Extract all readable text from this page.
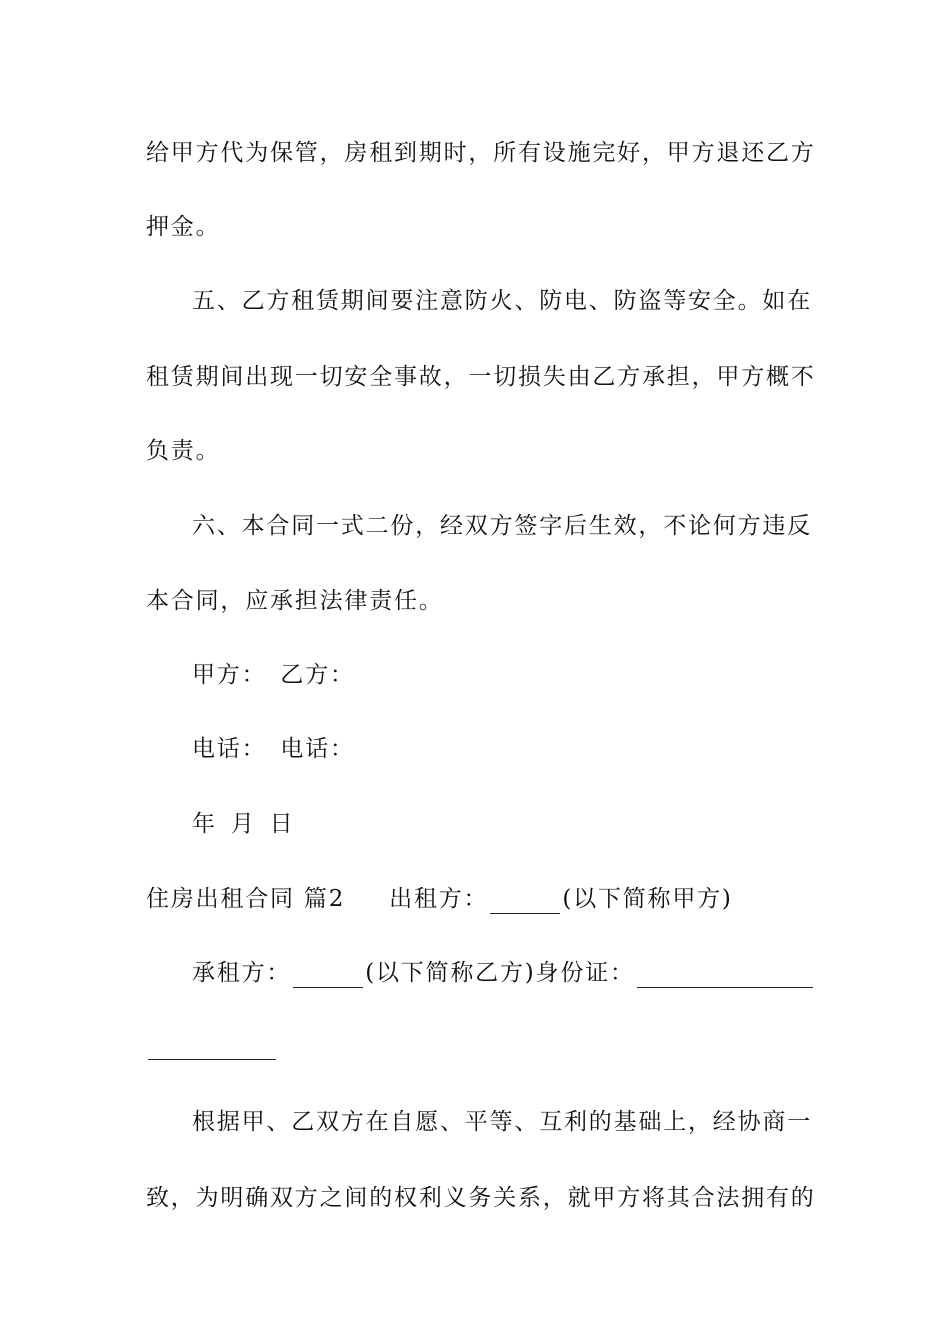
给甲方代为保管，房租到期时，所有设施完好，甲方退还乙方
押金。
五、乙方租赁期间要注意防火、防电、防盗等安全。如在
租赁期间出现一切安全事故，一切损失由乙方承担，甲方概不
负责。
六、本合同一式二份，经双方签字后生效，不论何方违反
本合同，应承担法律责任。
甲方： 乙方：
电话： 电话：
年 月 日
住房出租合同 篇2 出租方：	(以下简称甲方)
承租方：	(以下简称乙方)身份证：
根据甲、乙双方在自愿、平等、互利的基础上，经协商一
致，为明确双方之间的权利义务关系，就甲方将其合法拥有的
